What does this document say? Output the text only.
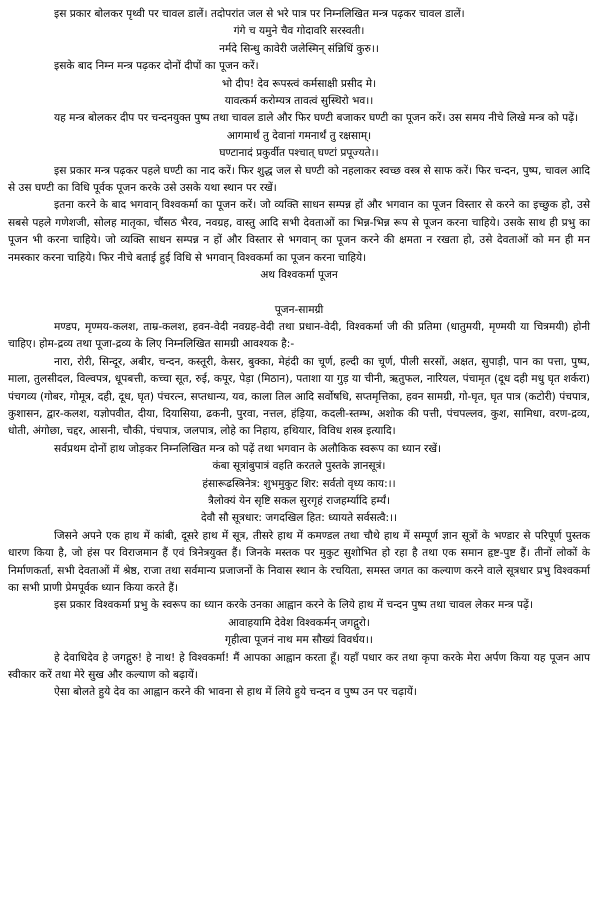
इस प्रकार बोलकर पृथ्वी पर चावल डालें। तदोपरांत जल से भरे पात्र पर निम्नलिखित मन्त्र पढ़कर चावल डालें।

गंगे च यमुने चैव गोदावरि सरस्वती।

नर्मदे सिन्धु कावेरी जलेस्मिन् संन्निधिं कुरु।।

इसके बाद निम्न मन्त्र पढ़कर दोनों दीपों का पूजन करें।

भो दीप! देव रूपस्त्वं कर्मसाक्षी प्रसीद मे।

यावत्कर्म करोम्यत्र तावत्वं सुस्थिरो भव।।

यह मन्त्र बोलकर दीप पर चन्दनयुक्त पुष्प तथा चावल डाले और फिर घण्टी बजाकर घण्टी का पूजन करें। उस समय नीचे लिखे मन्त्र को पढ़ें।

आगमार्थं तु देवानां गमनार्थं तु रक्षसाम्।

घण्टानादं प्रकुर्वीत पश्चात् घण्टां प्रपूज्यते।।

इस प्रकार मन्त्र पढ़कर पहले घण्टी का नाद करें। फिर शुद्ध जल से घण्टी को नहलाकर स्वच्छ वस्त्र से साफ करें। फिर चन्दन, पुष्प, चावल आदि से उस घण्टी का विधि पूर्वक पूजन करके उसे उसके यथा स्थान पर रखें।

इतना करने के बाद भगवान् विश्वकर्मा का पूजन करें। जो व्यक्ति साधन सम्पन्न हों और भगवान का पूजन विस्तार से करने का इच्छुक हो, उसे सबसे पहले गणेशजी, सोलह मातृका, चौंसठ भैरव, नवग्रह, वास्तु आदि सभी देवताओं का भिन्न-भिन्न रूप से पूजन करना चाहिये। उसके साथ ही प्रभु का पूजन भी करना चाहिये। जो व्यक्ति साधन सम्पन्न न हों और विस्तार से भगवान् का पूजन करने की क्षमता न रखता हो, उसे देवताओं को मन ही मन नमस्कार करना चाहिये। फिर नीचे बताई हुई विधि से भगवान् विश्वकर्मा का पूजन करना चाहिये।

अथ विश्वकर्मा पूजन

पूजन-सामग्री

मण्डप, मृण्मय-कलश, ताम्र-कलश, हवन-वेदी नवग्रह-वेदी तथा प्रधान-वेदी, विश्वकर्मा जी की प्रतिमा (धातुमयी, मृण्मयी या चित्रमयी) होनी चाहिए। होम-द्रव्य तथा पूजा-द्रव्य के लिए निम्नलिखित सामग्री आवश्यक है:-

नारा, रोरी, सिन्दूर, अबीर, चन्दन, कस्तूरी, केसर, बुक्का, मेहंदी का चूर्ण, हल्दी का चूर्ण, पीली सरसों, अक्षत, सुपाड़ी, पान का पत्ता, पुष्प, माला, तुलसीदल, विल्वपत्र, धूपबत्ती, कच्चा सूत, रुई, कपूर, पेड़ा (मिठान), पताशा या गुड़ या चीनी, ऋतुफल, नारियल, पंचामृत (दूध दही मधु घृत शर्करा) पंचगव्य (गोबर, गोमूत्र, दही, दूध, घृत) पंचरत्न, सप्तधान्य, यव, काला तिल आदि सर्वोषधि, सप्तमृत्तिका, हवन सामग्री, गो-घृत, घृत पात्र (कटोरी) पंचपात्र, कुशासन, द्वार-कलश, यज्ञोपवीत, दीया, दियासिया, ढकनी, पुरवा, नत्तल, हंड़िया, कदली-स्तम्भ, अशोक की पत्ती, पंचपल्लव, कुश, सामिधा, वरण-द्रव्य, धोती, अंगोछा, चद्दर, आसनी, चौकी, पंचपात्र, जलपात्र, लोहे का निहाय, हथियार, विविध शस्त्र इत्यादि।

सर्वप्रथम दोनों हाथ जोड़कर निम्नलिखित मन्त्र को पढ़ें तथा भगवान के अलौकिक स्वरूप का ध्यान रखें।

कंबा सूत्रांबुपात्रं वहति करतले पुस्तके ज्ञानसूत्रं।

हंसारूढस्त्रिनेत्र: शुभमुकुट शिर: सर्वतो वृध्य काय:।।

त्रैलोक्यं येन सृष्टि सकल सुरगृहं राजहर्म्यादि हर्म्यं।

देवौ सौ सूत्रधार: जगदखिल हित: ध्यायते सर्वसत्वै:।।

जिसने अपने एक हाथ में कांबी, दूसरे हाथ में सूत्र, तीसरे हाथ में कमण्डल तथा चौथे हाथ में सम्पूर्ण ज्ञान सूत्रों के भण्डार से परिपूर्ण पुस्तक धारण किया है, जो हंस पर विराजमान हैं एवं त्रिनेत्रयुक्त हैं। जिनके मस्तक पर मुकुट सुशोभित हो रहा है तथा एक समान हृष्ट-पुष्ट हैं। तीनों लोकों के निर्माणकर्ता, सभी देवताओं में श्रेष्ठ, राजा तथा सर्वमान्य प्रजाजनों के निवास स्थान के रचयिता, समस्त जगत का कल्याण करने वाले सूत्रधार प्रभु विश्वकर्मा का सभी प्राणी प्रेमपूर्वक ध्यान किया करते हैं।

इस प्रकार विश्वकर्मा प्रभु के स्वरूप का ध्यान करके उनका आह्वान करने के लिये हाथ में चन्दन पुष्प तथा चावल लेकर मन्त्र पढ़ें।

आवाहयामि देवेश विश्वकर्मन् जगद्गुरो।

गृहीत्वा पूजनं नाथ मम सौख्यं विवर्धय।।

हे देवाधिदेव हे जगद्गुरु! हे नाथ! हे विश्वकर्मा! मैं आपका आह्वान करता हूँ। यहाँ पधार कर तथा कृपा करके मेरा अर्पण किया यह पूजन आप स्वीकार करें तथा मेरे सुख और कल्याण को बढ़ायें।

ऐसा बोलते हुये देव का आह्वान करने की भावना से हाथ में लिये हुये चन्दन व पुष्प उन पर चढ़ायें।
